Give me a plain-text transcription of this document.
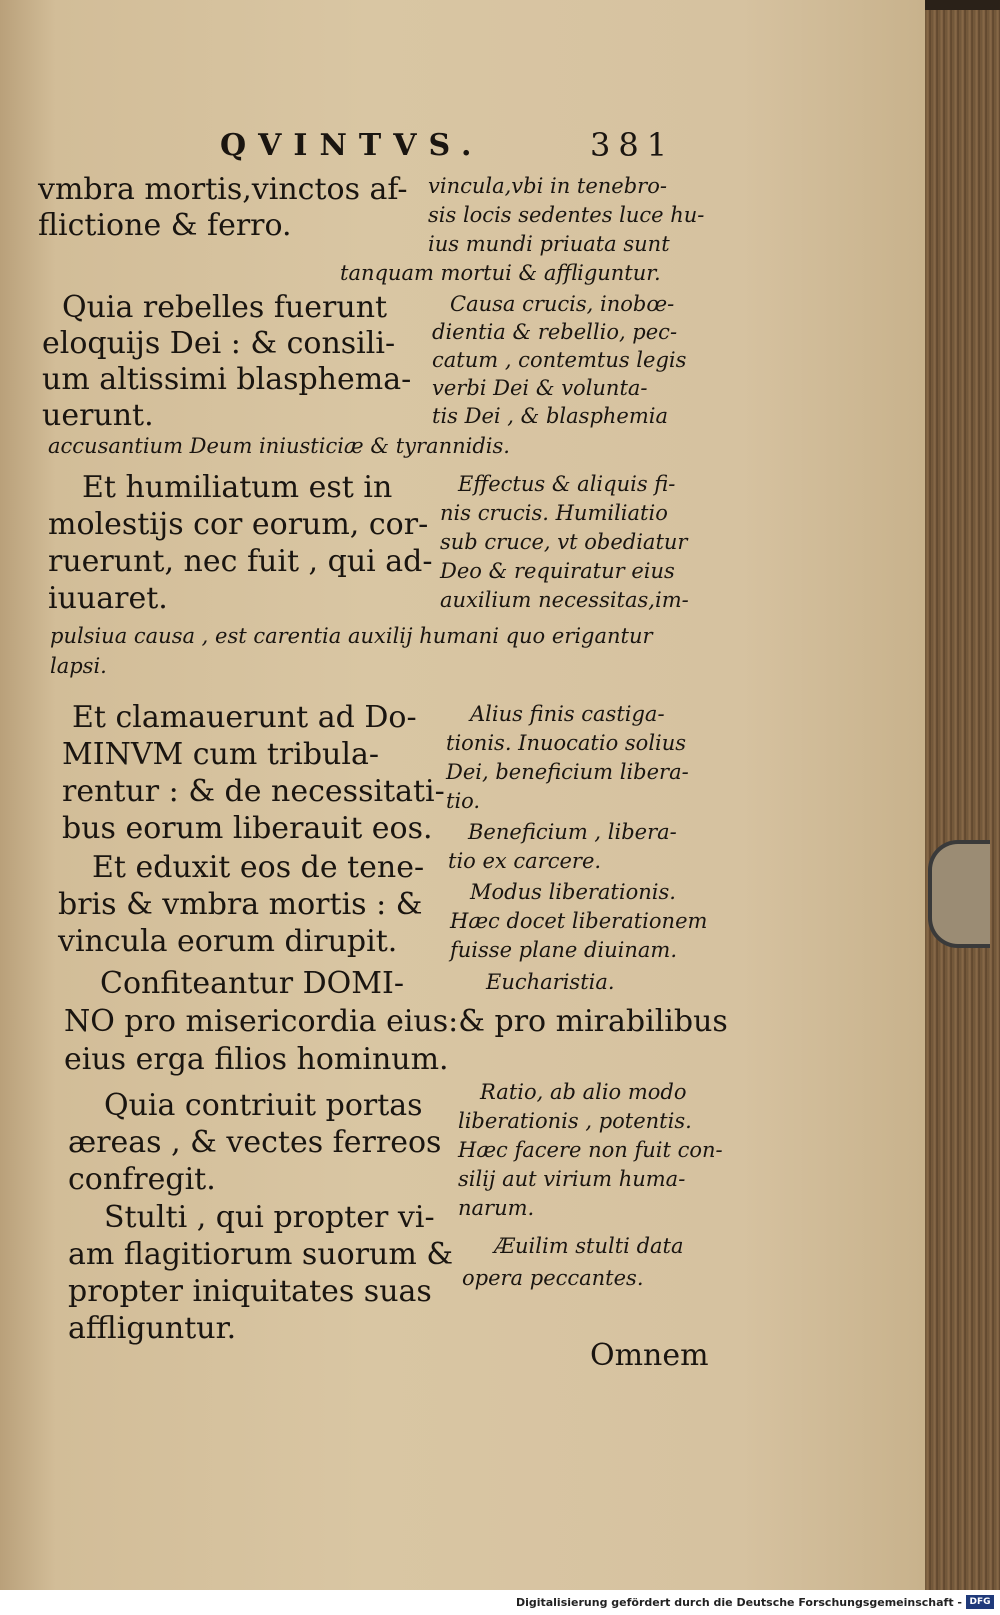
QVINTVS.	381
vmbra mortis,vinctos af-
flictione & ferro.
vincula,vbi in tenebro-
sis locis sedentes luce hu-
ius mundi priuata sunt
tanquam mortui & affliguntur.
Quia rebelles fuerunt
eloquijs Dei : & consili-
um altissimi blasphema-
uerunt.
Causa crucis, inobœ-
dientia & rebellio, pec-
catum , contemtus legis
verbi Dei & volunta-
tis Dei , & blasphemia
accusantium Deum iniusticiæ & tyrannidis.
Et humiliatum est in
molestijs cor eorum, cor-
ruerunt, nec fuit , qui ad-
iuuaret.
Effectus & aliquis fi-
nis crucis. Humiliatio
sub cruce, vt obediatur
Deo & requiratur eius
auxilium necessitas,im-
pulsiua causa , est carentia auxilij humani quo erigantur
lapsi.
Et clamauerunt ad Do-
MINVM cum tribula-
rentur : & de necessitati-
bus eorum liberauit eos.
Alius finis castiga-
tionis. Inuocatio solius
Dei, beneficium libera-
tio.
Et eduxit eos de tene-
bris & vmbra mortis : &
vincula eorum dirupit.
Beneficium , libera-
tio ex carcere.
Modus liberationis.
Hæc docet liberationem
fuisse plane diuinam.
Confiteantur DOMI-
NO pro misericordia eius:& pro mirabilibus
eius erga filios hominum.
Eucharistia.
Quia contriuit portas
æreas , & vectes ferreos
confregit.
Ratio, ab alio modo
liberationis , potentis.
Hæc facere non fuit con-
silij aut virium huma-
narum.
Stulti , qui propter vi-
am flagitiorum suorum &
propter iniquitates suas
affliguntur.
Æuilim stulti data
opera peccantes.
Omnem
Digitalisierung gefördert durch die Deutsche Forschungsgemeinschaft - DFG
